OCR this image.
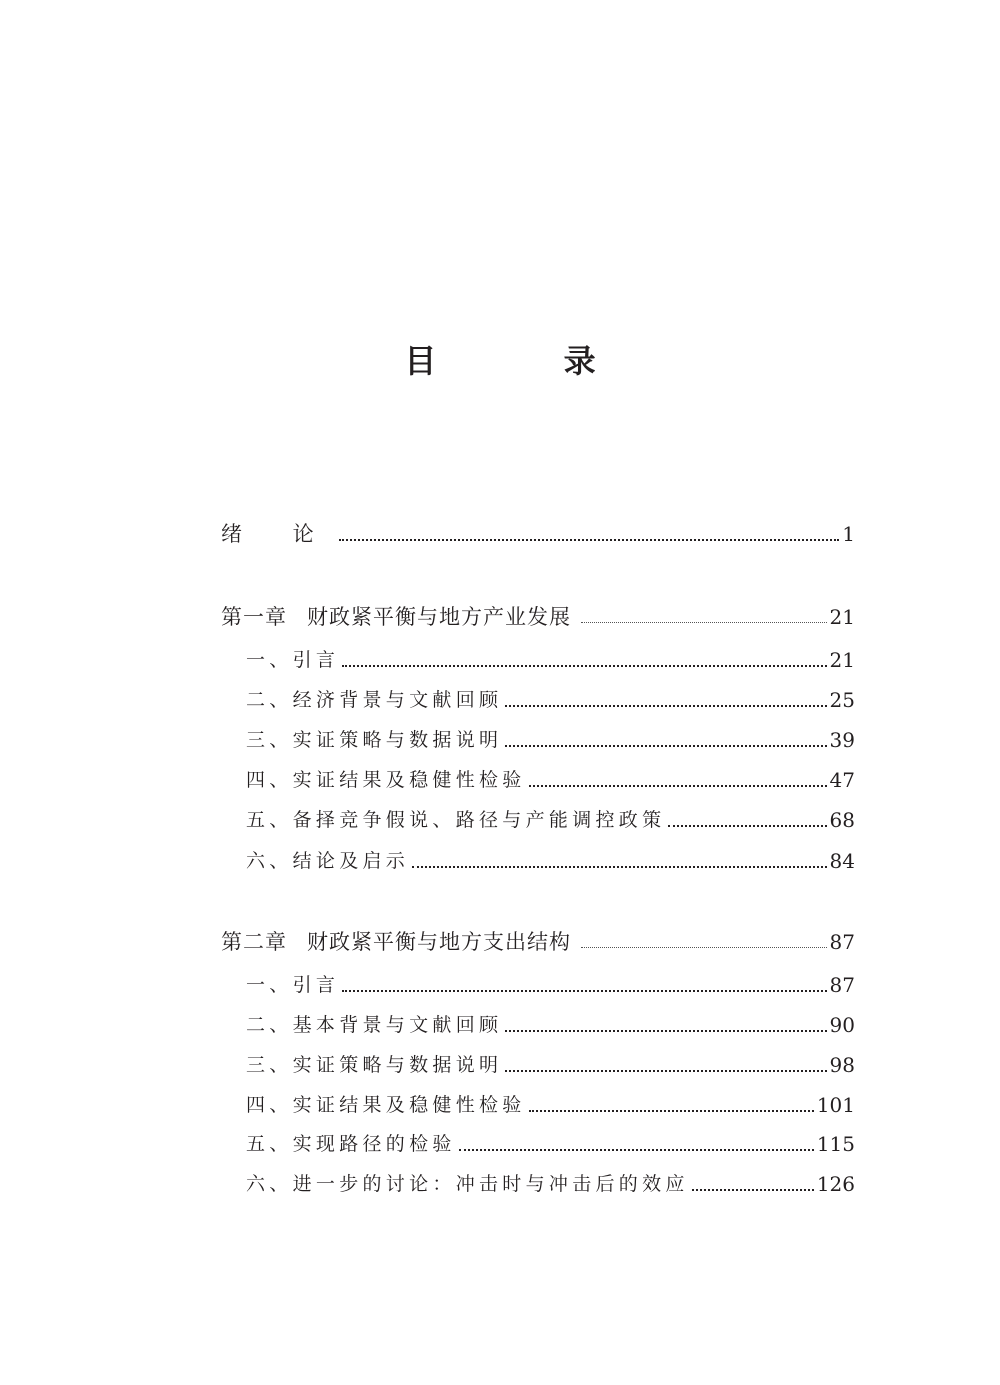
目 录
绪 论	1
第一章 财政紧平衡与地方产业发展	21
一、引言	21
二、经济背景与文献回顾	25
三、实证策略与数据说明	39
四、实证结果及稳健性检验	47
五、备择竞争假说、路径与产能调控政策	68
六、结论及启示	84
第二章 财政紧平衡与地方支出结构	87
一、引言	87
二、基本背景与文献回顾	90
三、实证策略与数据说明	98
四、实证结果及稳健性检验	101
五、实现路径的检验	115
六、进一步的讨论：冲击时与冲击后的效应	126
